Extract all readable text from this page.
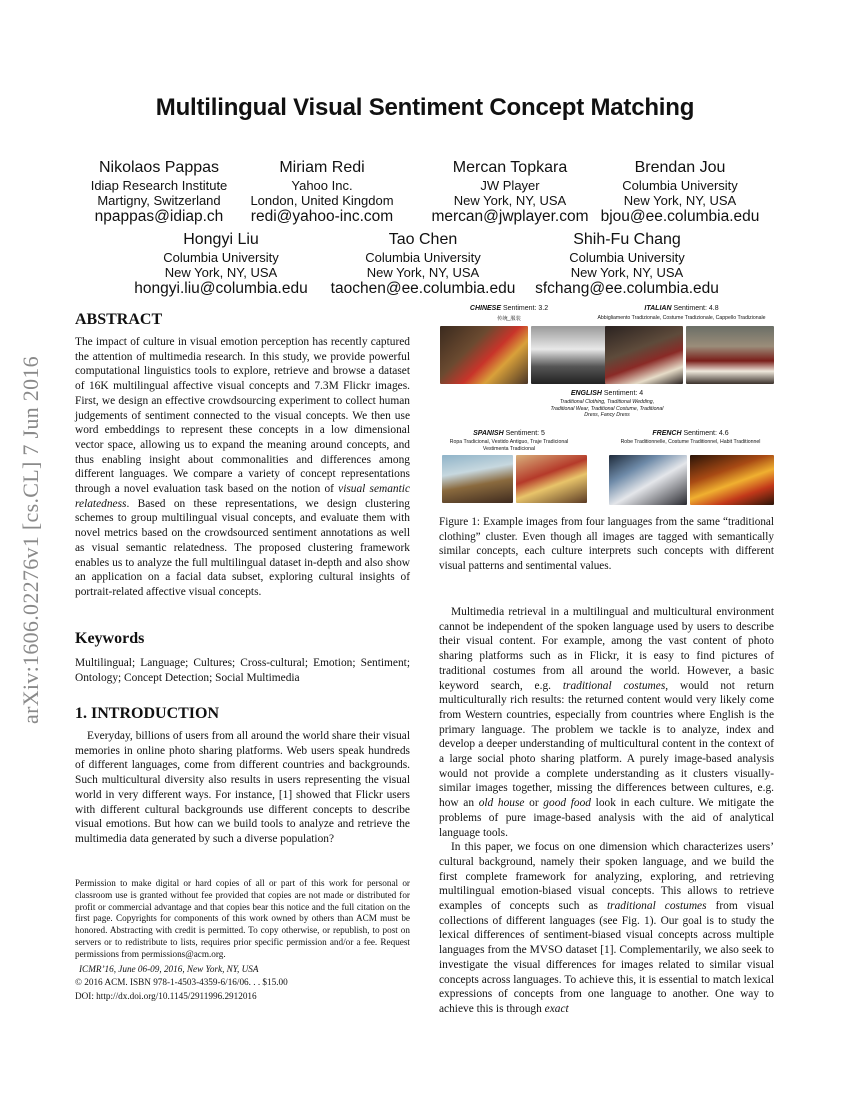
Multilingual Visual Sentiment Concept Matching
Nikolaos Pappas
Idiap Research Institute
Martigny, Switzerland
npappas@idiap.ch
Miriam Redi
Yahoo Inc.
London, United Kingdom
redi@yahoo-inc.com
Mercan Topkara
JW Player
New York, NY, USA
mercan@jwplayer.com
Brendan Jou
Columbia University
New York, NY, USA
bjou@ee.columbia.edu
Hongyi Liu
Columbia University
New York, NY, USA
hongyi.liu@columbia.edu
Tao Chen
Columbia University
New York, NY, USA
taochen@ee.columbia.edu
Shih-Fu Chang
Columbia University
New York, NY, USA
sfchang@ee.columbia.edu
arXiv:1606.02276v1 [cs.CL] 7 Jun 2016
ABSTRACT

The impact of culture in visual emotion perception has recently captured the attention of multimedia research. In this study, we provide powerful computational linguistics tools to explore, retrieve and browse a dataset of 16K multilingual affective visual concepts and 7.3M Flickr images. First, we design an effective crowdsourcing experiment to collect human judgements of sentiment connected to the visual concepts. We then use word embeddings to represent these concepts in a low dimensional vector space, allowing us to expand the meaning around concepts, and thus enabling insight about commonalities and differences among different languages. We compare a variety of concept representations through a novel evaluation task based on the notion of visual semantic relatedness. Based on these representations, we design clustering schemes to group multilingual visual concepts, and evaluate them with novel metrics based on the crowdsourced sentiment annotations as well as visual semantic relatedness. The proposed clustering framework enables us to analyze the full multilingual dataset in-depth and also show an application on a facial data subset, exploring cultural insights of portrait-related affective visual concepts.

Keywords

Multilingual; Language; Cultures; Cross-cultural; Emotion; Sentiment; Ontology; Concept Detection; Social Multimedia

1. INTRODUCTION

Everyday, billions of users from all around the world share their visual memories in online photo sharing platforms. Web users speak hundreds of different languages, come from different countries and backgrounds. Such multicultural diversity also results in users representing the visual world in very different ways. For instance, [1] showed that Flickr users with different cultural backgrounds use different concepts to describe visual emotions. But how can we build tools to analyze and retrieve the multimedia data generated by such a diverse population?

Permission to make digital or hard copies of all or part of this work for personal or classroom use is granted without fee provided that copies are not made or distributed for profit or commercial advantage and that copies bear this notice and the full citation on the first page. Copyrights for components of this work owned by others than ACM must be honored. Abstracting with credit is permitted. To copy otherwise, or republish, to post on servers or to redistribute to lists, requires prior specific permission and/or a fee. Request permissions from permissions@acm.org.
ICMR’16, June 06-09, 2016, New York, NY, USA
© 2016 ACM. ISBN 978-1-4503-4359-6/16/06. . . $15.00
DOI: http://dx.doi.org/10.1145/2911996.2912016
CHINESE Sentiment: 3.2
传统_服装
ITALIAN Sentiment: 4.8
Abbigliamento Tradizionale, Costume Tradizionale, Cappello Tradizionale
ENGLISH Sentiment: 4
Traditional Clothing, Traditional Wedding, Traditional Wear, Traditional Costume, Traditional Dress, Fancy Dress
SPANISH Sentiment: 5
Ropa Tradicional, Vestido Antiguo, Traje Tradicional Vestimenta Tradicional
FRENCH Sentiment: 4.6
Robe Traditionnelle, Costume Traditionnel, Habit Traditionnel
Figure 1: Example images from four languages from the same “traditional clothing” cluster. Even though all images are tagged with semantically similar concepts, each culture interprets such concepts with different visual patterns and sentimental values.

Multimedia retrieval in a multilingual and multicultural environment cannot be independent of the spoken language used by users to describe their visual content. For example, among the vast content of photo sharing platforms such as in Flickr, it is easy to find pictures of traditional costumes from all around the world. However, a basic keyword search, e.g. traditional costumes, would not return multiculturally rich results: the returned content would very likely come from Western countries, especially from countries where English is the primary language. The problem we tackle is to analyze, index and develop a deeper understanding of multicultural content in the context of a large social photo sharing platform. A purely image-based analysis would not provide a complete understanding as it clusters visually-similar images together, missing the differences between cultures, e.g. how an old house or good food look in each culture. We mitigate the problems of pure image-based analysis with the aid of analytical language tools.

In this paper, we focus on one dimension which characterizes users’ cultural background, namely their spoken language, and we build the first complete framework for analyzing, exploring, and retrieving multilingual emotion-biased visual concepts. This allows to retrieve examples of concepts such as traditional costumes from visual collections of different languages (see Fig. 1). Our goal is to study the lexical differences of sentiment-biased visual concepts across multiple languages from the MVSO dataset [1]. Complementarily, we also seek to investigate the visual differences for images related to similar visual concepts across languages. To achieve this, it is essential to match lexical expressions of concepts from one language to another. One way to achieve this is through exact
